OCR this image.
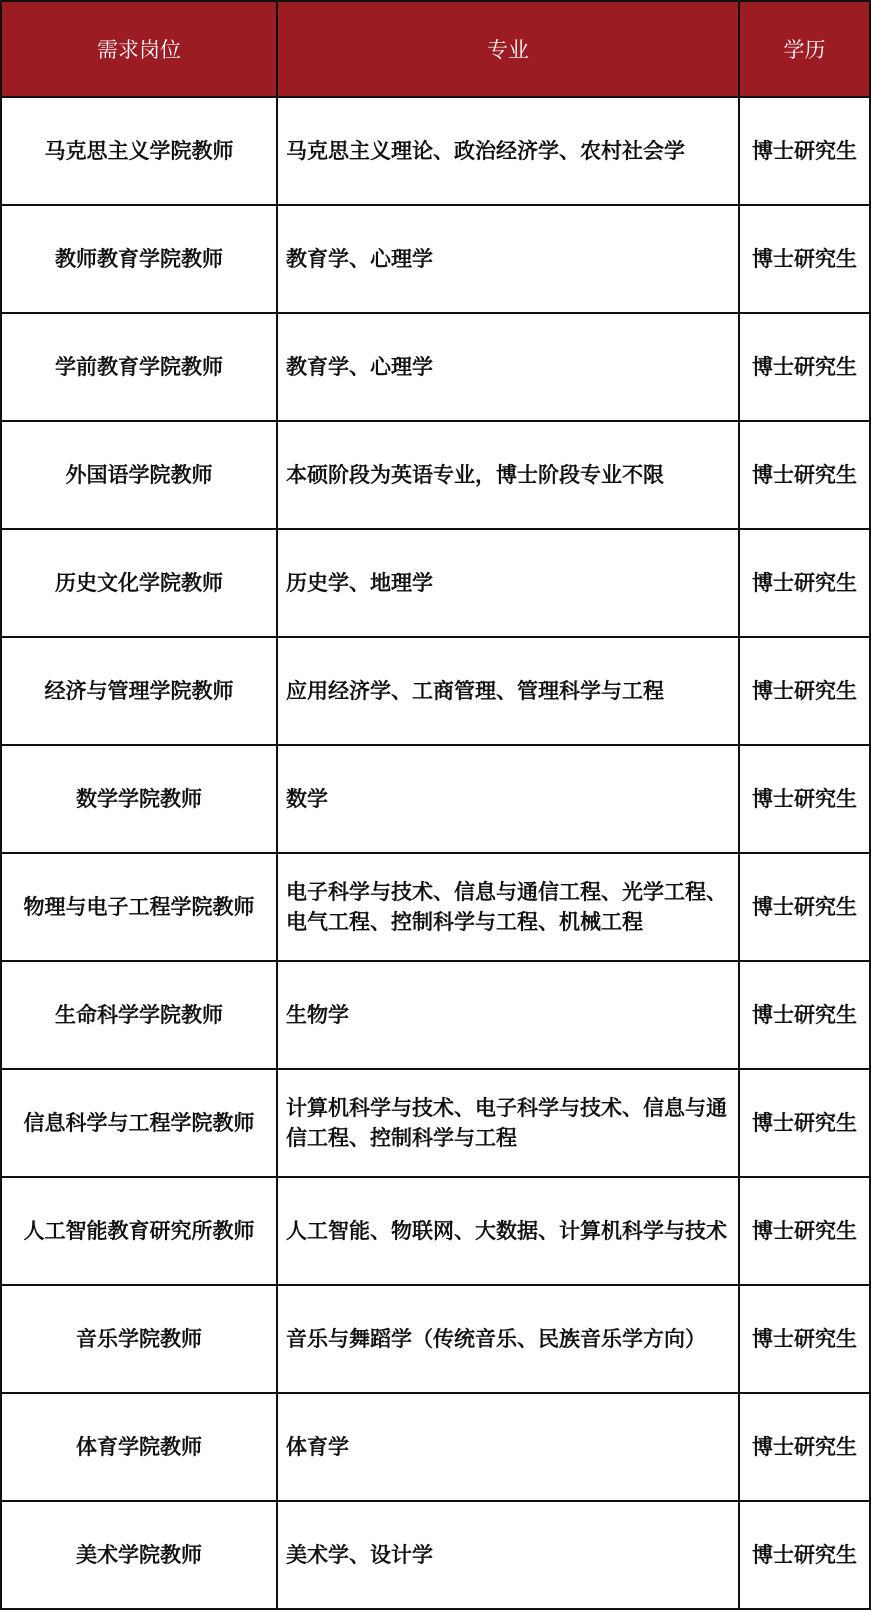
需求岗位	专业	学历
马克思主义学院教师	马克思主义理论、政治经济学、农村社会学	博士研究生
教师教育学院教师	教育学、心理学	博士研究生
学前教育学院教师	教育学、心理学	博士研究生
外国语学院教师	本硕阶段为英语专业，博士阶段专业不限	博士研究生
历史文化学院教师	历史学、地理学	博士研究生
经济与管理学院教师	应用经济学、工商管理、管理科学与工程	博士研究生
数学学院教师	数学	博士研究生
物理与电子工程学院教师	电子科学与技术、信息与通信工程、光学工程、电气工程、控制科学与工程、机械工程	博士研究生
生命科学学院教师	生物学	博士研究生
信息科学与工程学院教师	计算机科学与技术、电子科学与技术、信息与通信工程、控制科学与工程	博士研究生
人工智能教育研究所教师	人工智能、物联网、大数据、计算机科学与技术	博士研究生
音乐学院教师	音乐与舞蹈学（传统音乐、民族音乐学方向）	博士研究生
体育学院教师	体育学	博士研究生
美术学院教师	美术学、设计学	博士研究生
